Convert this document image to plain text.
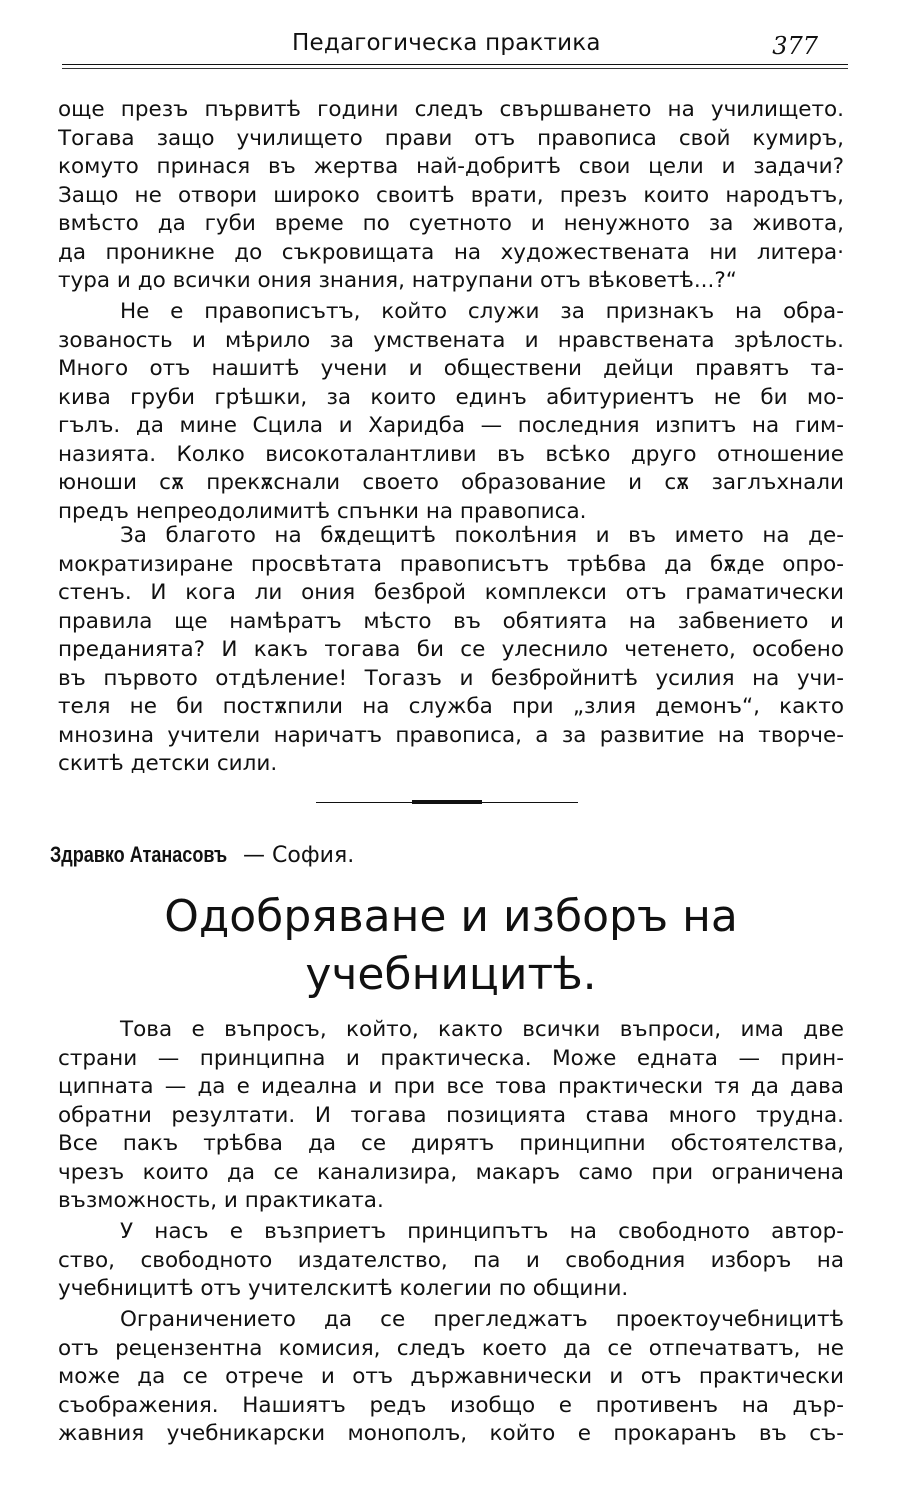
Педагогическа практика	377
още презъ първитѣ години следъ свършването на училището.
Тогава защо училището прави отъ правописа свой кумиръ,
комуто принася въ жертва най-добритѣ свои цели и задачи?
Защо не отвори широко своитѣ врати, презъ които народътъ,
вмѣсто да губи време по суетното и ненужното за живота,
да проникне до съкровищата на художествената ни литера·
тура и до всички ония знания, натрупани отъ вѣковетѣ...?“
Не е правописътъ, който служи за признакъ на обра-
зованость и мѣрило за умствената и нравствената зрѣлость.
Много отъ нашитѣ учени и обществени дейци правятъ та-
кива груби грѣшки, за които единъ абитуриентъ не би мо-
гълъ. да мине Сцила и Харидба — последния изпитъ на гим-
назията. Колко високоталантливи въ всѣко друго отношение
юноши сѫ прекѫснали своето образование и сѫ заглъхнали
предъ непреодолимитѣ спънки на правописа.
За благото на бѫдещитѣ поколѣния и въ името на де-
мократизиране просвѣтата правописътъ трѣбва да бѫде опро-
стенъ. И кога ли ония безброй комплекси отъ граматически
правила ще намѣратъ мѣсто въ обятията на забвението и
преданията? И какъ тогава би се улеснило четенето, особено
въ първото отдѣление! Тогазъ и безбройнитѣ усилия на учи-
теля не би постѫпили на служба при „злия демонъ“, както
мнозина учители наричатъ правописа, а за развитие на творче-
скитѣ детски сили.
Здравко Атанасовъ — София.
Одобряване и изборъ на
учебницитѣ.
Това е въпросъ, който, както всички въпроси, има две
страни — принципна и практическа. Може едната — прин-
ципната — да е идеална и при все това практически тя да дава
обратни резултати. И тогава позицията става много трудна.
Все пакъ трѣбва да се дирятъ принципни обстоятелства,
чрезъ които да се канализира, макаръ само при ограничена
възможность, и практиката.
У насъ е възприетъ принципътъ на свободното автор-
ство, свободното издателство, па и свободния изборъ на
учебницитѣ отъ учителскитѣ колегии по общини.
Ограничението да се прегледжатъ проектоучебницитѣ
отъ рецензентна комисия, следъ което да се отпечатватъ, не
може да се отрече и отъ държавнически и отъ практически
съображения. Нашиятъ редъ изобщо е противенъ на дър-
жавния учебникарски монополъ, който е прокаранъ въ съ-
